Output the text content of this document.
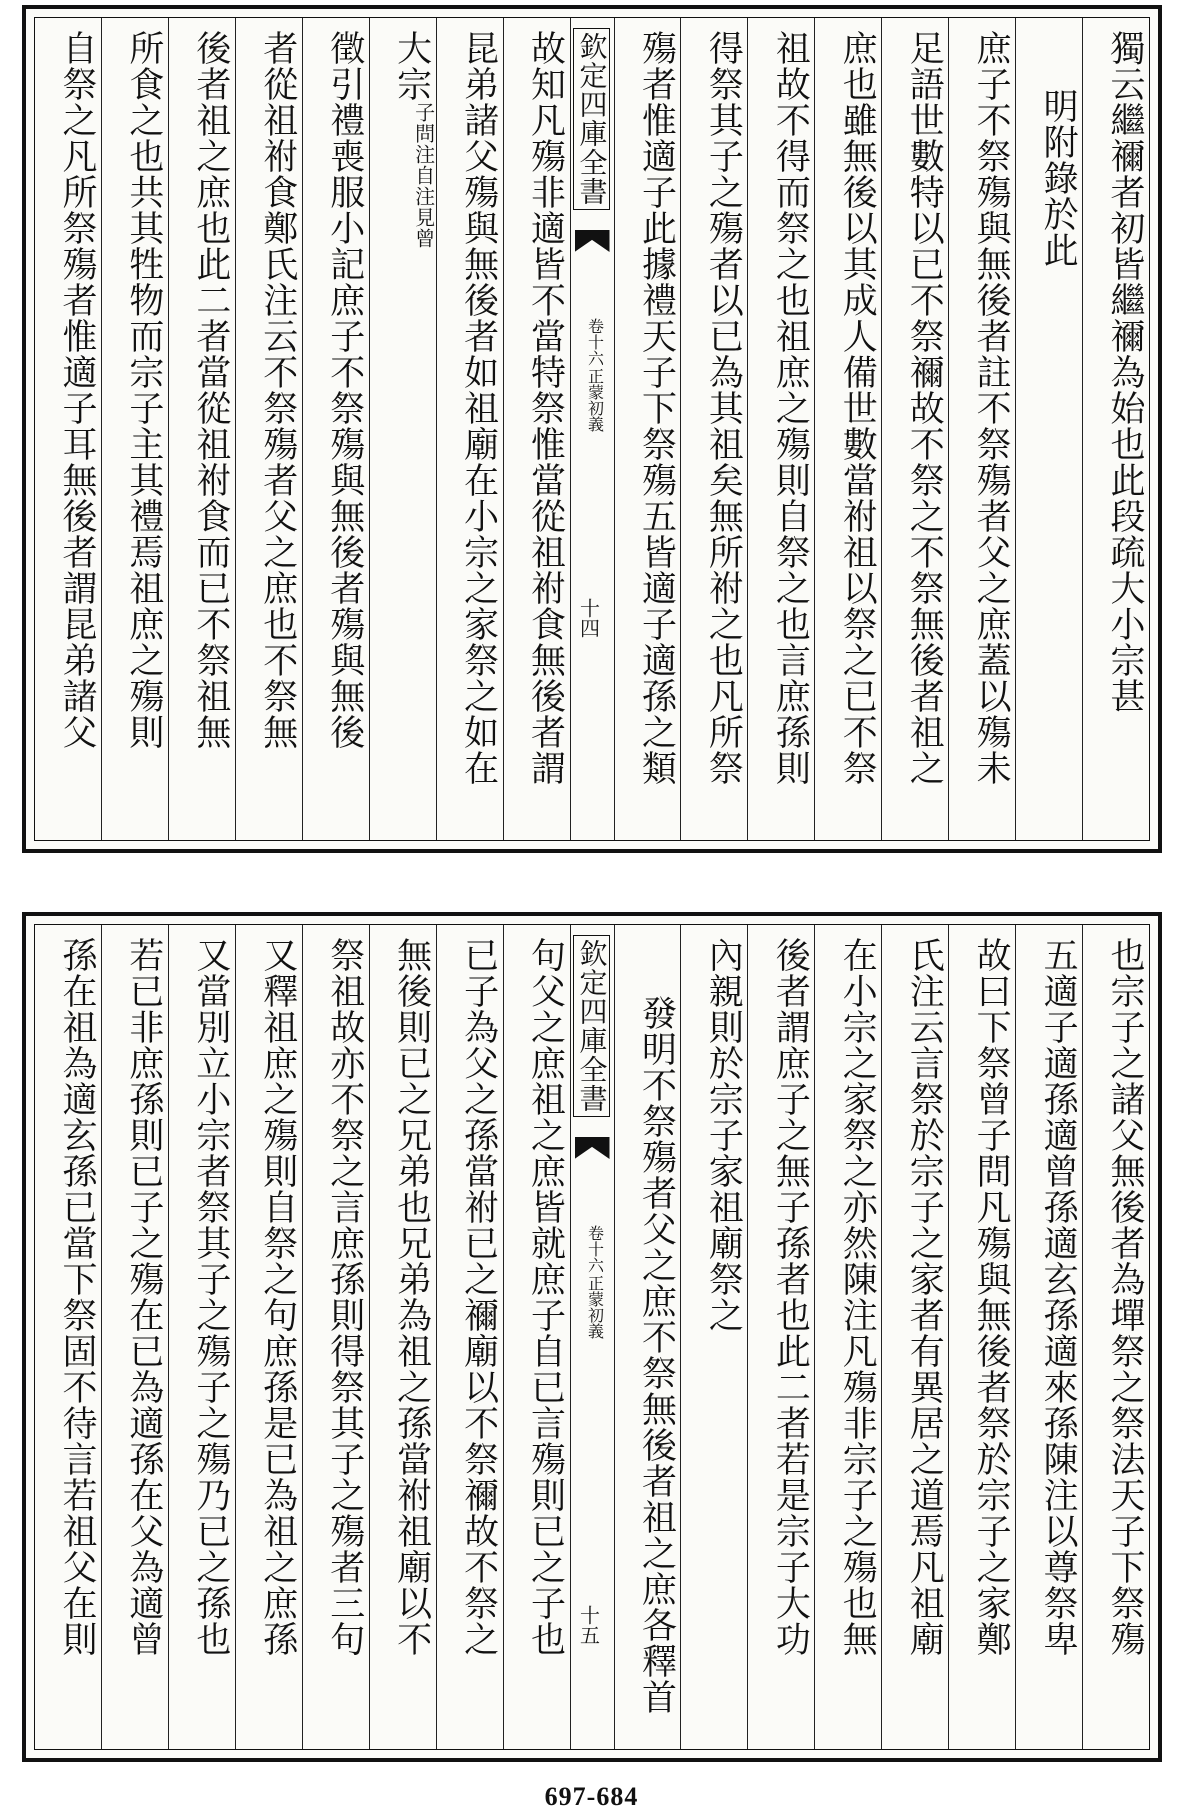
獨云繼禰者初皆繼禰為始也此段疏大小宗甚
明附錄於此
庶子不祭殤與無後者註不祭殤者父之庶蓋以殤未
足語世數特以已不祭禰故不祭之不祭無後者祖之
庶也雖無後以其成人備世數當祔祖以祭之已不祭
祖故不得而祭之也祖庶之殤則自祭之也言庶孫則
得祭其子之殤者以已為其祖矣無所祔之也凡所祭
殤者惟適子此據禮天子下祭殤五皆適子適孫之類
欽定四庫全書
正蒙初義
卷十六
十四
故知凡殤非適皆不當特祭惟當從祖祔食無後者謂
昆弟諸父殤與無後者如祖廟在小宗之家祭之如在
大宗
自注見曾
子問注
徵引禮喪服小記庶子不祭殤與無後者殤與無後
者從祖祔食鄭氏注云不祭殤者父之庶也不祭無
後者祖之庶也此二者當從祖祔食而已不祭祖無
所食之也共其牲物而宗子主其禮焉祖庶之殤則
自祭之凡所祭殤者惟適子耳無後者謂昆弟諸父
也宗子之諸父無後者為墠祭之祭法天子下祭殤
五適子適孫適曾孫適玄孫適來孫陳注以尊祭卑
故曰下祭曾子問凡殤與無後者祭於宗子之家鄭
氏注云言祭於宗子之家者有異居之道焉凡祖廟
在小宗之家祭之亦然陳注凡殤非宗子之殤也無
後者謂庶子之無子孫者也此二者若是宗子大功
內親則於宗子家祖廟祭之
發明不祭殤者父之庶不祭無後者祖之庶各釋首
欽定四庫全書
正蒙初義
卷十六
十五
句父之庶祖之庶皆就庶子自已言殤則已之子也
已子為父之孫當祔已之禰廟以不祭禰故不祭之
無後則已之兄弟也兄弟為祖之孫當祔祖廟以不
祭祖故亦不祭之言庶孫則得祭其子之殤者三句
又釋祖庶之殤則自祭之句庶孫是已為祖之庶孫
又當別立小宗者祭其子之殤子之殤乃已之孫也
若已非庶孫則已子之殤在已為適孫在父為適曾
孫在祖為適玄孫已當下祭固不待言若祖父在則
697-684
